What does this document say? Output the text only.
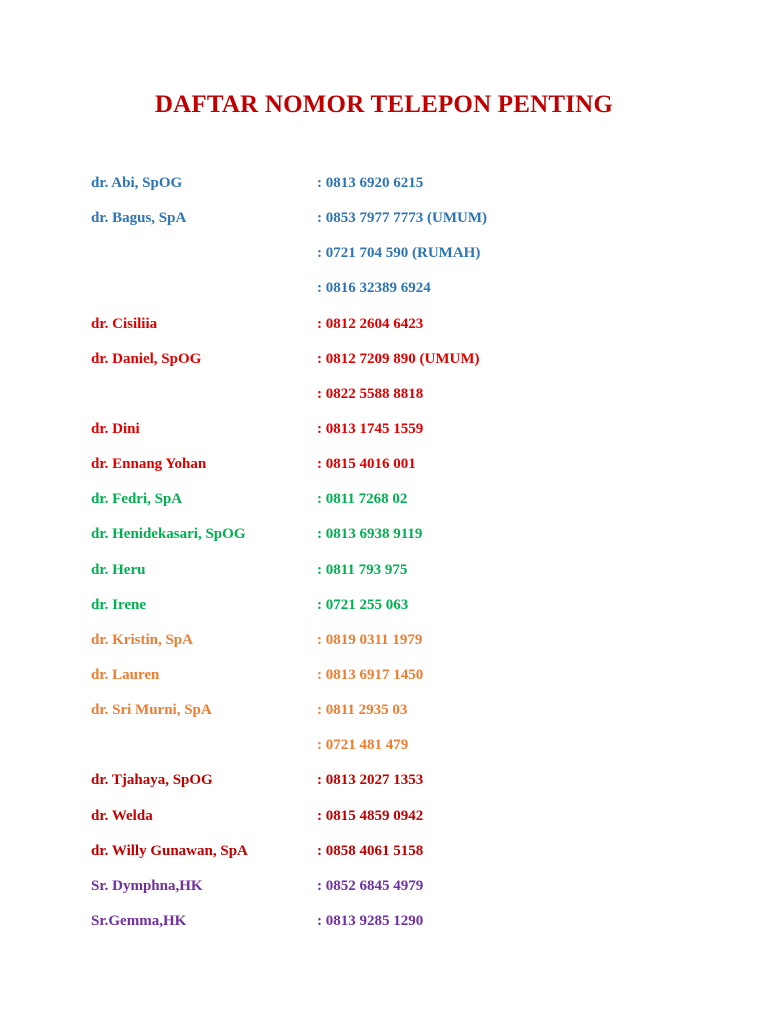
DAFTAR NOMOR TELEPON PENTING
dr. Abi, SpOG	: 0813 6920 6215
dr. Bagus, SpA	: 0853 7977 7773 (UMUM)
: 0721 704 590 (RUMAH)
: 0816 32389 6924
dr. Cisiliia	: 0812 2604 6423
dr. Daniel, SpOG	: 0812 7209 890 (UMUM)
: 0822 5588 8818
dr. Dini	: 0813 1745 1559
dr. Ennang Yohan	: 0815 4016 001
dr. Fedri, SpA	: 0811 7268 02
dr. Henidekasari, SpOG	: 0813 6938 9119
dr. Heru	: 0811 793 975
dr. Irene	: 0721 255 063
dr. Kristin, SpA	: 0819 0311 1979
dr. Lauren	: 0813 6917 1450
dr. Sri Murni, SpA	: 0811 2935 03
: 0721 481 479
dr. Tjahaya, SpOG	: 0813 2027 1353
dr. Welda	: 0815 4859 0942
dr. Willy Gunawan, SpA	: 0858 4061 5158
Sr. Dymphna,HK	: 0852 6845 4979
Sr.Gemma,HK	: 0813 9285 1290
